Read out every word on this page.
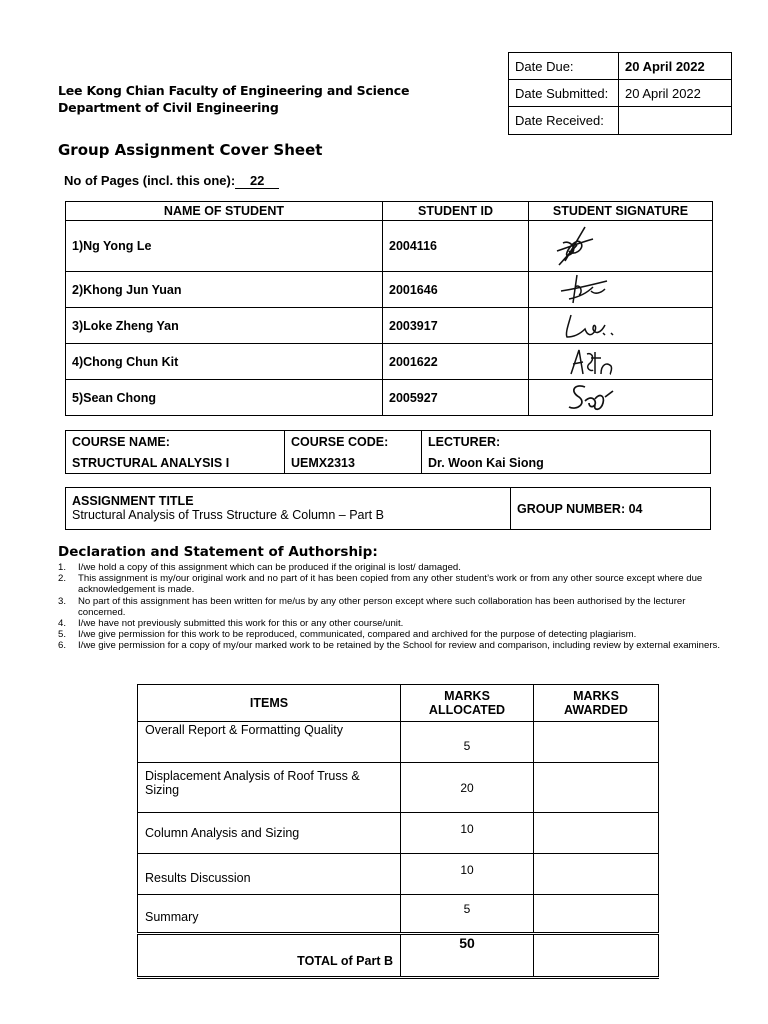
Date Due:	20 April 2022
Date Submitted:	20 April 2022
Date Received:	
Lee Kong Chian Faculty of Engineering and Science
Department of Civil Engineering
Group Assignment Cover Sheet
No of Pages (incl. this one): 22
NAME OF STUDENT	STUDENT ID	STUDENT SIGNATURE
1)Ng Yong Le	2004116	

2)Khong Jun Yuan	2001646	

3)Loke Zheng Yan	2003917	

4)Chong Chun Kit	2001622	

5)Sean Chong	2005927	
COURSE NAME:	COURSE CODE:	LECTURER:
STRUCTURAL ANALYSIS I	UEMX2313	Dr. Woon Kai Siong
ASSIGNMENT TITLE
Structural Analysis of Truss Structure & Column – Part B	GROUP NUMBER: 04
Declaration and Statement of Authorship:
1. I/we hold a copy of this assignment which can be produced if the original is lost/ damaged.
2. This assignment is my/our original work and no part of it has been copied from any other student’s work or from any other source except where due acknowledgement is made.
3. No part of this assignment has been written for me/us by any other person except where such collaboration has been authorised by the lecturer concerned.
4. I/we have not previously submitted this work for this or any other course/unit.
5. I/we give permission for this work to be reproduced, communicated, compared and archived for the purpose of detecting plagiarism.
6. I/we give permission for a copy of my/our marked work to be retained by the School for review and comparison, including review by external examiners.
ITEMS	MARKS ALLOCATED	MARKS AWARDED
Overall Report & Formatting Quality	5	

Displacement Analysis of Roof Truss & Sizing	20	
Column Analysis and Sizing	10	
Results Discussion	10	
Summary	5	
TOTAL of Part B	50	
